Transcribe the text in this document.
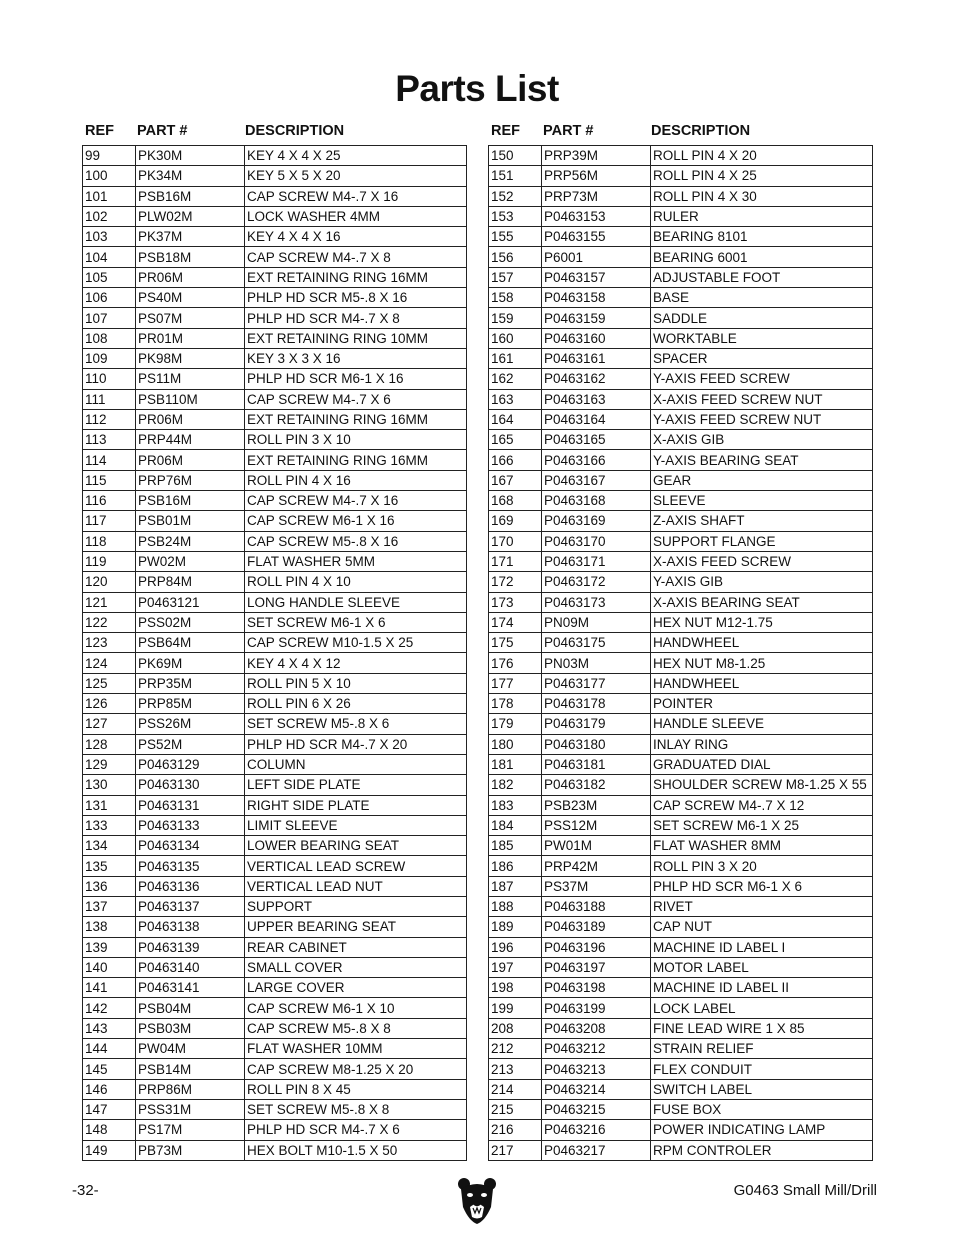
Parts List
REF PART #	DESCRIPTION
99	PK30M	KEY 4 X 4 X 25
100	PK34M	KEY 5 X 5 X 20
101	PSB16M	CAP SCREW M4-.7 X 16
102	PLW02M	LOCK WASHER 4MM
103	PK37M	KEY 4 X 4 X 16
104	PSB18M	CAP SCREW M4-.7 X 8
105	PR06M	EXT RETAINING RING 16MM
106	PS40M	PHLP HD SCR M5-.8 X 16
107	PS07M	PHLP HD SCR M4-.7 X 8
108	PR01M	EXT RETAINING RING 10MM
109	PK98M	KEY 3 X 3 X 16
110	PS11M	PHLP HD SCR M6-1 X 16
111	PSB110M	CAP SCREW M4-.7 X 6
112	PR06M	EXT RETAINING RING 16MM
113	PRP44M	ROLL PIN 3 X 10
114	PR06M	EXT RETAINING RING 16MM
115	PRP76M	ROLL PIN 4 X 16
116	PSB16M	CAP SCREW M4-.7 X 16
117	PSB01M	CAP SCREW M6-1 X 16
118	PSB24M	CAP SCREW M5-.8 X 16
119	PW02M	FLAT WASHER 5MM
120	PRP84M	ROLL PIN 4 X 10
121	P0463121	LONG HANDLE SLEEVE
122	PSS02M	SET SCREW M6-1 X 6
123	PSB64M	CAP SCREW M10-1.5 X 25
124	PK69M	KEY 4 X 4 X 12
125	PRP35M	ROLL PIN 5 X 10
126	PRP85M	ROLL PIN 6 X 26
127	PSS26M	SET SCREW M5-.8 X 6
128	PS52M	PHLP HD SCR M4-.7 X 20
129	P0463129	COLUMN
130	P0463130	LEFT SIDE PLATE
131	P0463131	RIGHT SIDE PLATE
133	P0463133	LIMIT SLEEVE
134	P0463134	LOWER BEARING SEAT
135	P0463135	VERTICAL LEAD SCREW
136	P0463136	VERTICAL LEAD NUT
137	P0463137	SUPPORT
138	P0463138	UPPER BEARING SEAT
139	P0463139	REAR CABINET
140	P0463140	SMALL COVER
141	P0463141	LARGE COVER
142	PSB04M	CAP SCREW M6-1 X 10
143	PSB03M	CAP SCREW M5-.8 X 8
144	PW04M	FLAT WASHER 10MM
145	PSB14M	CAP SCREW M8-1.25 X 20
146	PRP86M	ROLL PIN 8 X 45
147	PSS31M	SET SCREW M5-.8 X 8
148	PS17M	PHLP HD SCR M4-.7 X 6
149	PB73M	HEX BOLT M10-1.5 X 50
REF PART #	DESCRIPTION
150	PRP39M	ROLL PIN 4 X 20
151	PRP56M	ROLL PIN 4 X 25
152	PRP73M	ROLL PIN 4 X 30
153	P0463153	RULER
155	P0463155	BEARING 8101
156	P6001	BEARING 6001
157	P0463157	ADJUSTABLE FOOT
158	P0463158	BASE
159	P0463159	SADDLE
160	P0463160	WORKTABLE
161	P0463161	SPACER
162	P0463162	Y-AXIS FEED SCREW
163	P0463163	X-AXIS FEED SCREW NUT
164	P0463164	Y-AXIS FEED SCREW NUT
165	P0463165	X-AXIS GIB
166	P0463166	Y-AXIS BEARING SEAT
167	P0463167	GEAR
168	P0463168	SLEEVE
169	P0463169	Z-AXIS SHAFT
170	P0463170	SUPPORT FLANGE
171	P0463171	X-AXIS FEED SCREW
172	P0463172	Y-AXIS GIB
173	P0463173	X-AXIS BEARING SEAT
174	PN09M	HEX NUT M12-1.75
175	P0463175	HANDWHEEL
176	PN03M	HEX NUT M8-1.25
177	P0463177	HANDWHEEL
178	P0463178	POINTER
179	P0463179	HANDLE SLEEVE
180	P0463180	INLAY RING
181	P0463181	GRADUATED DIAL
182	P0463182	SHOULDER SCREW M8-1.25 X 55
183	PSB23M	CAP SCREW M4-.7 X 12
184	PSS12M	SET SCREW M6-1 X 25
185	PW01M	FLAT WASHER 8MM
186	PRP42M	ROLL PIN 3 X 20
187	PS37M	PHLP HD SCR M6-1 X 6
188	P0463188	RIVET
189	P0463189	CAP NUT
196	P0463196	MACHINE ID LABEL I
197	P0463197	MOTOR LABEL
198	P0463198	MACHINE ID LABEL II
199	P0463199	LOCK LABEL
208	P0463208	FINE LEAD WIRE 1 X 85
212	P0463212	STRAIN RELIEF
213	P0463213	FLEX CONDUIT
214	P0463214	SWITCH LABEL
215	P0463215	FUSE BOX
216	P0463216	POWER INDICATING LAMP
217	P0463217	RPM CONTROLER
-32-	G0463 Small Mill/Drill
